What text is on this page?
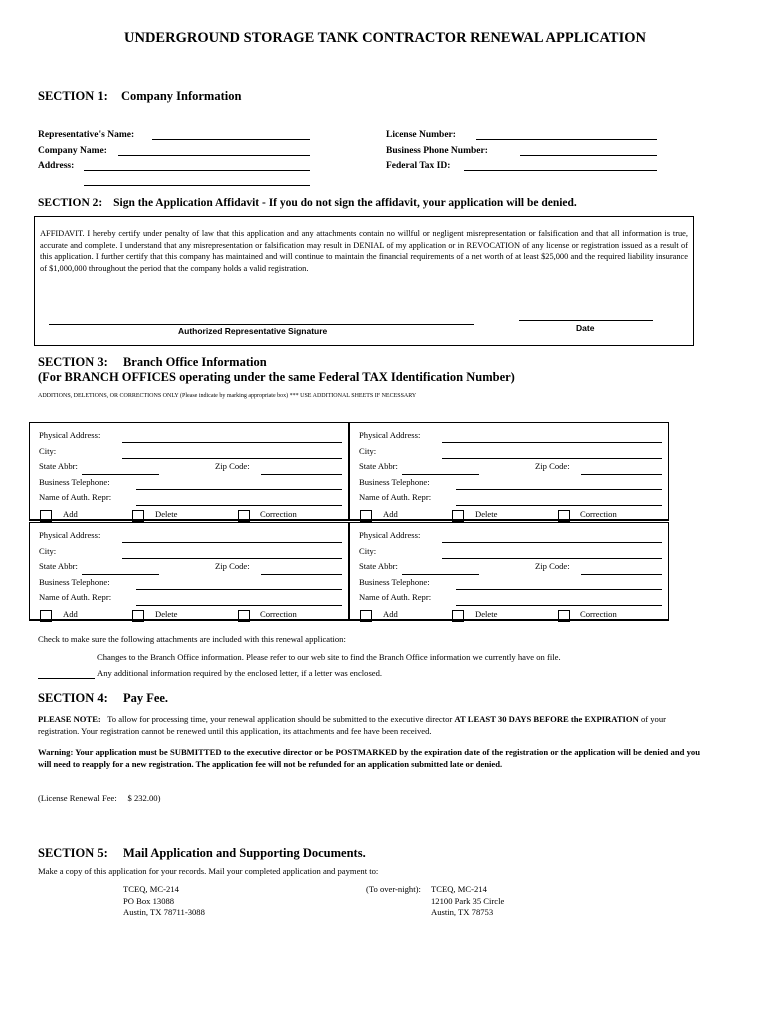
UNDERGROUND STORAGE TANK CONTRACTOR RENEWAL APPLICATION
SECTION 1: Company Information
Representative's Name:
Company Name:
Address:
License Number:
Business Phone Number:
Federal Tax ID:
SECTION 2: Sign the Application Affidavit - If you do not sign the affidavit, your application will be denied.
AFFIDAVIT. I hereby certify under penalty of law that this application and any attachments contain no willful or negligent misrepresentation or falsification and that all information is true, accurate and complete. I understand that any misrepresentation or falsification may result in DENIAL of my application or in REVOCATION of any license or registration issued as a result of this application. I further certify that this company has maintained and will continue to maintain the financial requirements of a net worth of at least $25,000 and the required liability insurance of $1,000,000 throughout the period that the company holds a valid registration.
Authorized Representative Signature	Date
SECTION 3: Branch Office Information
(For BRANCH OFFICES operating under the same Federal TAX Identification Number)
ADDITIONS, DELETIONS, OR CORRECTIONS ONLY (Please indicate by marking appropriate box) *** USE ADDITIONAL SHEETS IF NECESSARY
Physical Address:
City:
State Abbr:	Zip Code:
Business Telephone:
Name of Auth. Repr:
Add	Delete	Correction
Physical Address:
City:
State Abbr:	Zip Code:
Business Telephone:
Name of Auth. Repr:
Add	Delete	Correction
Physical Address:
City:
State Abbr:	Zip Code:
Business Telephone:
Name of Auth. Repr:
Add	Delete	Correction
Physical Address:
City:
State Abbr:	Zip Code:
Business Telephone:
Name of Auth. Repr:
Add	Delete	Correction
Check to make sure the following attachments are included with this renewal application:
Changes to the Branch Office information. Please refer to our web site to find the Branch Office information we currently have on file.
Any additional information required by the enclosed letter, if a letter was enclosed.
SECTION 4: Pay Fee.
PLEASE NOTE: To allow for processing time, your renewal application should be submitted to the executive director AT LEAST 30 DAYS BEFORE the EXPIRATION of your registration. Your registration cannot be renewed until this application, its attachments and fee have been received.
Warning: Your application must be SUBMITTED to the executive director or be POSTMARKED by the expiration date of the registration or the application will be denied and you will need to reapply for a new registration. The application fee will not be refunded for an application submitted late or denied.
(License Renewal Fee: $ 232.00)
SECTION 5: Mail Application and Supporting Documents.
Make a copy of this application for your records. Mail your completed application and payment to:
TCEQ, MC-214
PO Box 13088
Austin, TX 78711-3088
(To over-night): TCEQ, MC-214
12100 Park 35 Circle
Austin, TX 78753
